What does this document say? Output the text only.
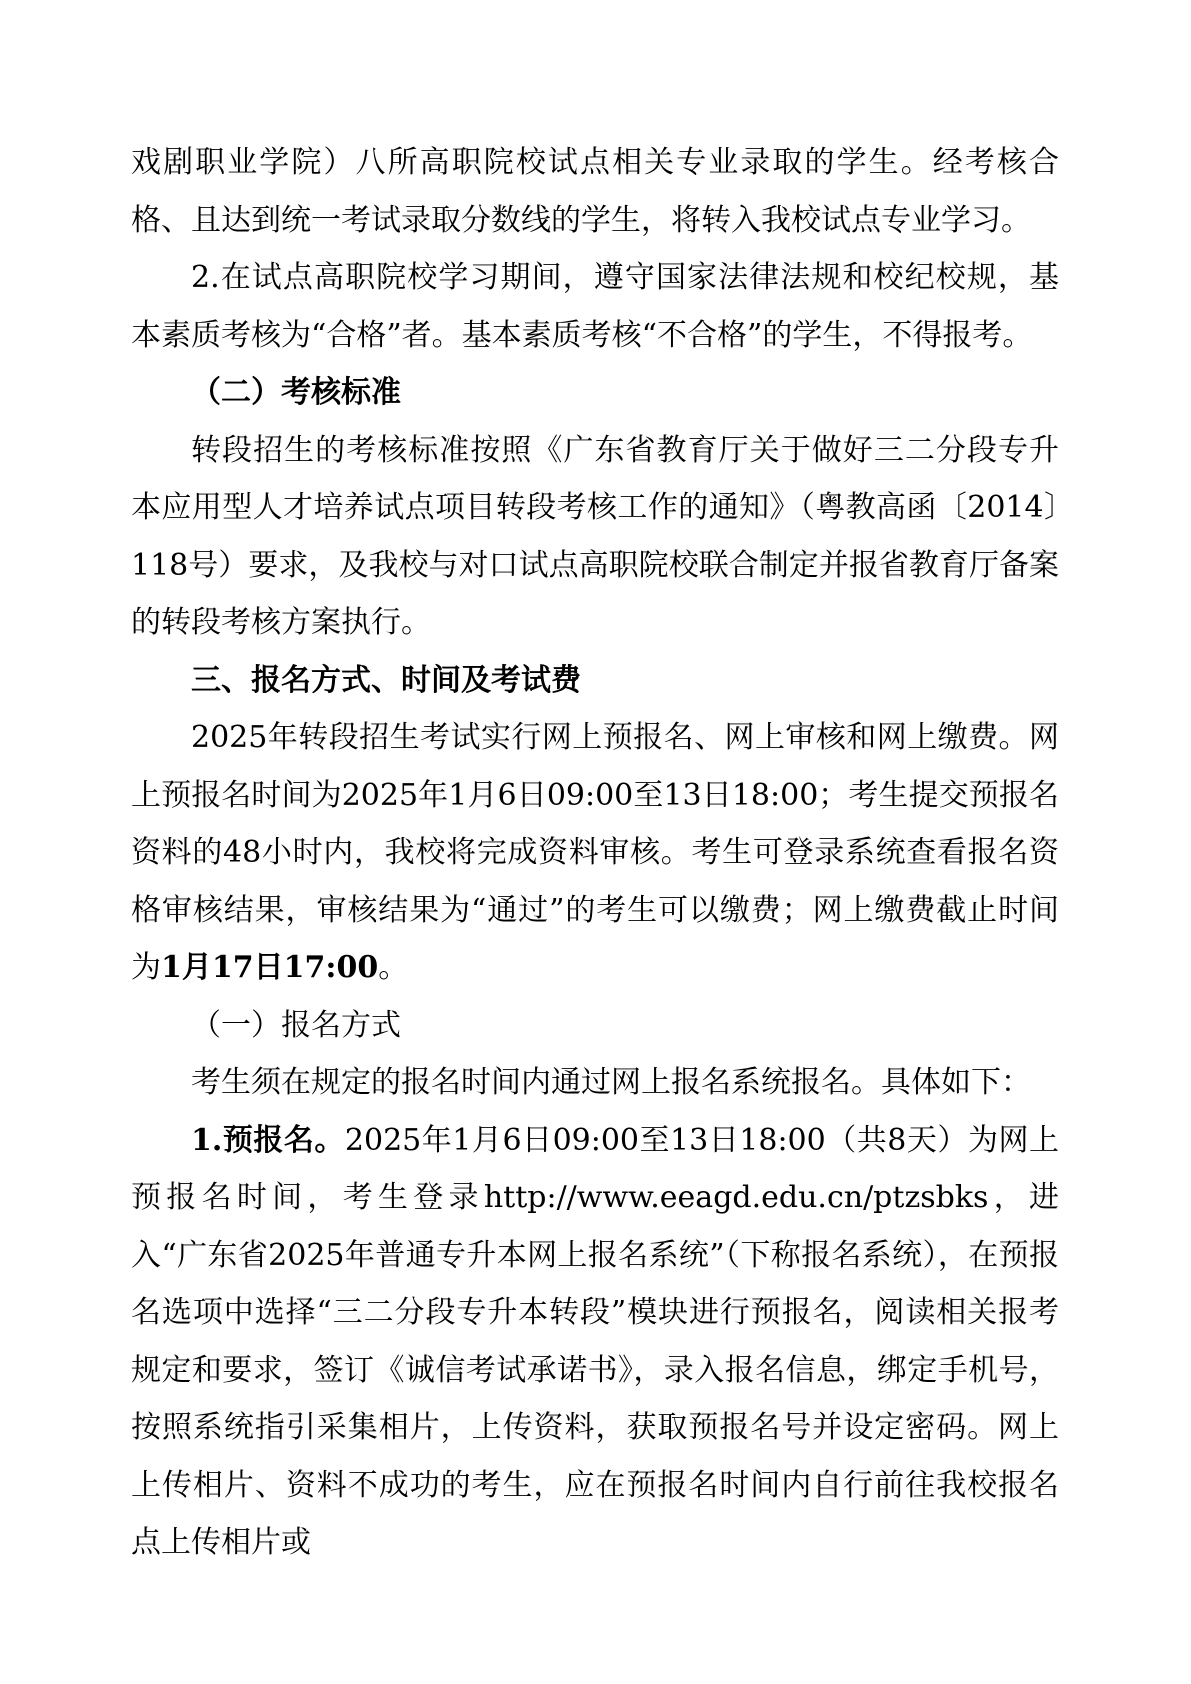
戏剧职业学院）八所高职院校试点相关专业录取的学生。经考核合格、且达到统一考试录取分数线的学生，将转入我校试点专业学习。

2.在试点高职院校学习期间，遵守国家法律法规和校纪校规，基本素质考核为“合格”者。基本素质考核“不合格”的学生，不得报考。

（二）考核标准

转段招生的考核标准按照《广东省教育厅关于做好三二分段专升本应用型人才培养试点项目转段考核工作的通知》（粤教高函〔2014〕118号）要求，及我校与对口试点高职院校联合制定并报省教育厅备案的转段考核方案执行。

三、报名方式、时间及考试费

2025年转段招生考试实行网上预报名、网上审核和网上缴费。网上预报名时间为2025年1月6日09:00至13日18:00；考生提交预报名资料的48小时内，我校将完成资料审核。考生可登录系统查看报名资格审核结果，审核结果为“通过”的考生可以缴费；网上缴费截止时间为1月17日17:00。

（一）报名方式

考生须在规定的报名时间内通过网上报名系统报名。具体如下：

1.预报名。2025年1月6日09:00至13日18:00（共8天）为网上预报名时间，考生登录http://www.eeagd.edu.cn/ptzsbks，进入“广东省2025年普通专升本网上报名系统”（下称报名系统），在预报名选项中选择“三二分段专升本转段”模块进行预报名，阅读相关报考规定和要求，签订《诚信考试承诺书》，录入报名信息，绑定手机号，按照系统指引采集相片，上传资料，获取预报名号并设定密码。网上上传相片、资料不成功的考生，应在预报名时间内自行前往我校报名点上传相片或
